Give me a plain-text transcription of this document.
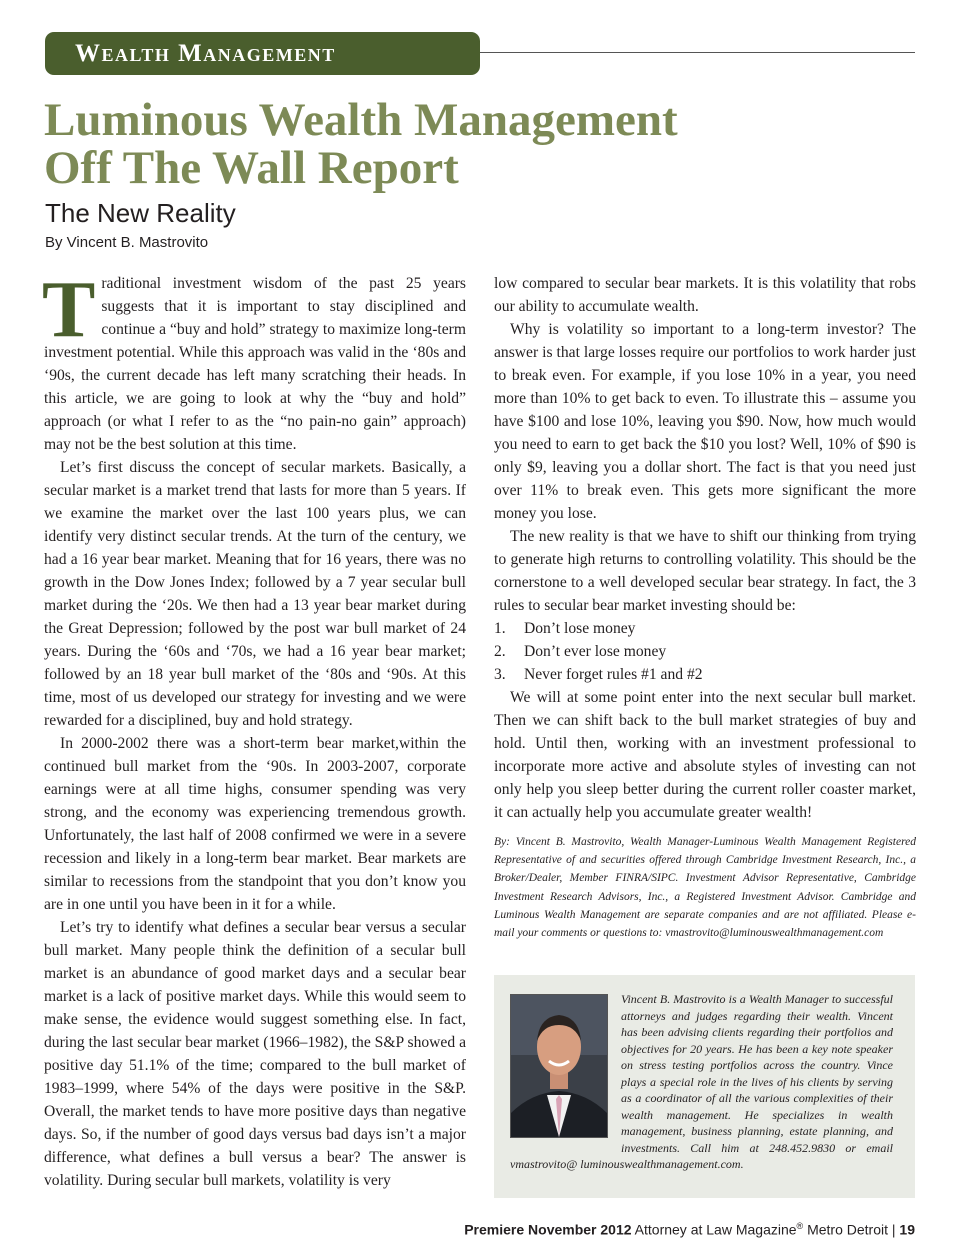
Wealth Management
Luminous Wealth Management
Off The Wall Report
The New Reality
By Vincent B. Mastrovito

Traditional investment wisdom of the past 25 years suggests that it is important to stay disciplined and continue a “buy and hold” strategy to maximize long-term investment potential. While this approach was valid in the ‘80s and ‘90s, the current decade has left many scratching their heads. In this article, we are going to look at why the “buy and hold” approach (or what I refer to as the “no pain-no gain” approach) may not be the best solution at this time.

Let’s first discuss the concept of secular markets. Basically, a secular market is a market trend that lasts for more than 5 years. If we examine the market over the last 100 years plus, we can identify very distinct secular trends. At the turn of the century, we had a 16 year bear market. Meaning that for 16 years, there was no growth in the Dow Jones Index; followed by a 7 year secular bull market during the ‘20s. We then had a 13 year bear market during the Great Depression; followed by the post war bull market of 24 years. During the ‘60s and ‘70s, we had a 16 year bear market; followed by an 18 year bull market of the ‘80s and ‘90s. At this time, most of us developed our strategy for investing and we were rewarded for a disciplined, buy and hold strategy.

In 2000-2002 there was a short-term bear market,within the continued bull market from the ‘90s. In 2003-2007, corporate earnings were at all time highs, consumer spending was very strong, and the economy was experiencing tremendous growth. Unfortunately, the last half of 2008 confirmed we were in a severe recession and likely in a long-term bear market. Bear markets are similar to recessions from the standpoint that you don’t know you are in one until you have been in it for a while.

Let’s try to identify what defines a secular bear versus a secular bull market. Many people think the definition of a secular bull market is an abundance of good market days and a secular bear market is a lack of positive market days. While this would seem to make sense, the evidence would suggest something else. In fact, during the last secular bear market (1966–1982), the S&P showed a positive day 51.1% of the time; compared to the bull market of 1983–1999, where 54% of the days were positive in the S&P. Overall, the market tends to have more positive days than negative days. So, if the number of good days versus bad days isn’t a major difference, what defines a bull versus a bear? The answer is volatility. During secular bull markets, volatility is very

low compared to secular bear markets. It is this volatility that robs our ability to accumulate wealth.

Why is volatility so important to a long-term investor? The answer is that large losses require our portfolios to work harder just to break even. For example, if you lose 10% in a year, you need more than 10% to get back to even. To illustrate this – assume you have $100 and lose 10%, leaving you $90. Now, how much would you need to earn to get back the $10 you lost? Well, 10% of $90 is only $9, leaving you a dollar short. The fact is that you need just over 11% to break even. This gets more significant the more money you lose.

The new reality is that we have to shift our thinking from trying to generate high returns to controlling volatility. This should be the cornerstone to a well developed secular bear strategy. In fact, the 3 rules to secular bear market investing should be:

1.	Don’t lose money
2.	Don’t ever lose money
3.	Never forget rules #1 and #2

We will at some point enter into the next secular bull market. Then we can shift back to the bull market strategies of buy and hold. Until then, working with an investment professional to incorporate more active and absolute styles of investing can not only help you sleep better during the current roller coaster market, it can actually help you accumulate greater wealth!

By: Vincent B. Mastrovito, Wealth Manager-Luminous Wealth Management Registered Representative of and securities offered through Cambridge Investment Research, Inc., a Broker/Dealer, Member FINRA/SIPC. Investment Advisor Representative, Cambridge Investment Research Advisors, Inc., a Registered Investment Advisor. Cambridge and Luminous Wealth Management are separate companies and are not affiliated. Please e-mail your comments or questions to: vmastrovito@luminouswealthmanagement.com
Vincent B. Mastrovito is a Wealth Manager to successful attorneys and judges regarding their wealth. Vincent has been advising clients regarding their portfolios and objectives for 20 years. He has been a key note speaker on stress testing portfolios across the country. Vince plays a special role in the lives of his clients by serving as a coordinator of all the various complexities of their wealth management. He specializes in wealth management, business planning, estate planning, and investments. Call him at 248.452.9830 or email vmastrovito@ luminouswealthmanagement.com.
Premiere November 2012 Attorney at Law Magazine® Metro Detroit | 19
